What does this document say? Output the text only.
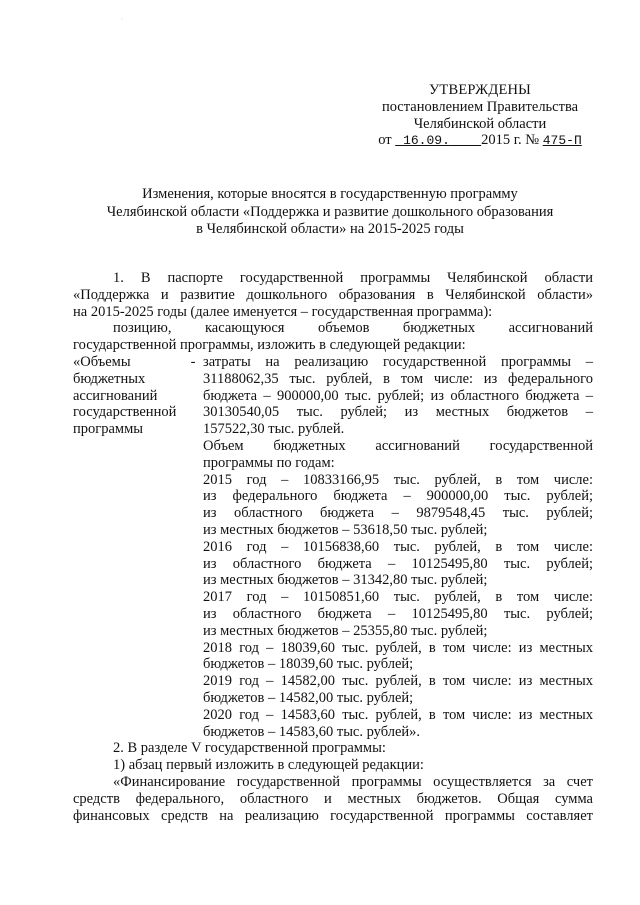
ˈ
УТВЕРЖДЕНЫ
постановлением Правительства
Челябинской области
от 16.09. 2015 г. № 475-П
Изменения, которые вносятся в государственную программу
Челябинской области «Поддержка и развитие дошкольного образования
в Челябинской области» на 2015-2025 годы

1. В паспорте государственной программы Челябинской области

«Поддержка и развитие дошкольного образования в Челябинской области»

на 2015-2025 годы (далее именуется – государственная программа):

позицию, касающуюся объемов бюджетных ассигнований

государственной программы, изложить в следующей редакции:

«Объемы
бюджетных
ассигнований
государственной
программы
- затраты на реализацию государственной программы –

31188062,35 тыс. рублей, в том числе: из федерального

бюджета – 900000,00 тыс. рублей; из областного бюджета –

30130540,05 тыс. рублей; из местных бюджетов –

157522,30 тыс. рублей.

Объем бюджетных ассигнований государственной

программы по годам:

2015 год – 10833166,95 тыс. рублей, в том числе:

из федерального бюджета – 900000,00 тыс. рублей;

из областного бюджета – 9879548,45 тыс. рублей;

из местных бюджетов – 53618,50 тыс. рублей;

2016 год – 10156838,60 тыс. рублей, в том числе:

из областного бюджета – 10125495,80 тыс. рублей;

из местных бюджетов – 31342,80 тыс. рублей;

2017 год – 10150851,60 тыс. рублей, в том числе:

из областного бюджета – 10125495,80 тыс. рублей;

из местных бюджетов – 25355,80 тыс. рублей;

2018 год – 18039,60 тыс. рублей, в том числе: из местных

бюджетов – 18039,60 тыс. рублей;

2019 год – 14582,00 тыс. рублей, в том числе: из местных

бюджетов – 14582,00 тыс. рублей;

2020 год – 14583,60 тыс. рублей, в том числе: из местных

бюджетов – 14583,60 тыс. рублей».

2. В разделе V государственной программы:

1) абзац первый изложить в следующей редакции:

«Финансирование государственной программы осуществляется за счет

средств федерального, областного и местных бюджетов. Общая сумма

финансовых средств на реализацию государственной программы составляет
